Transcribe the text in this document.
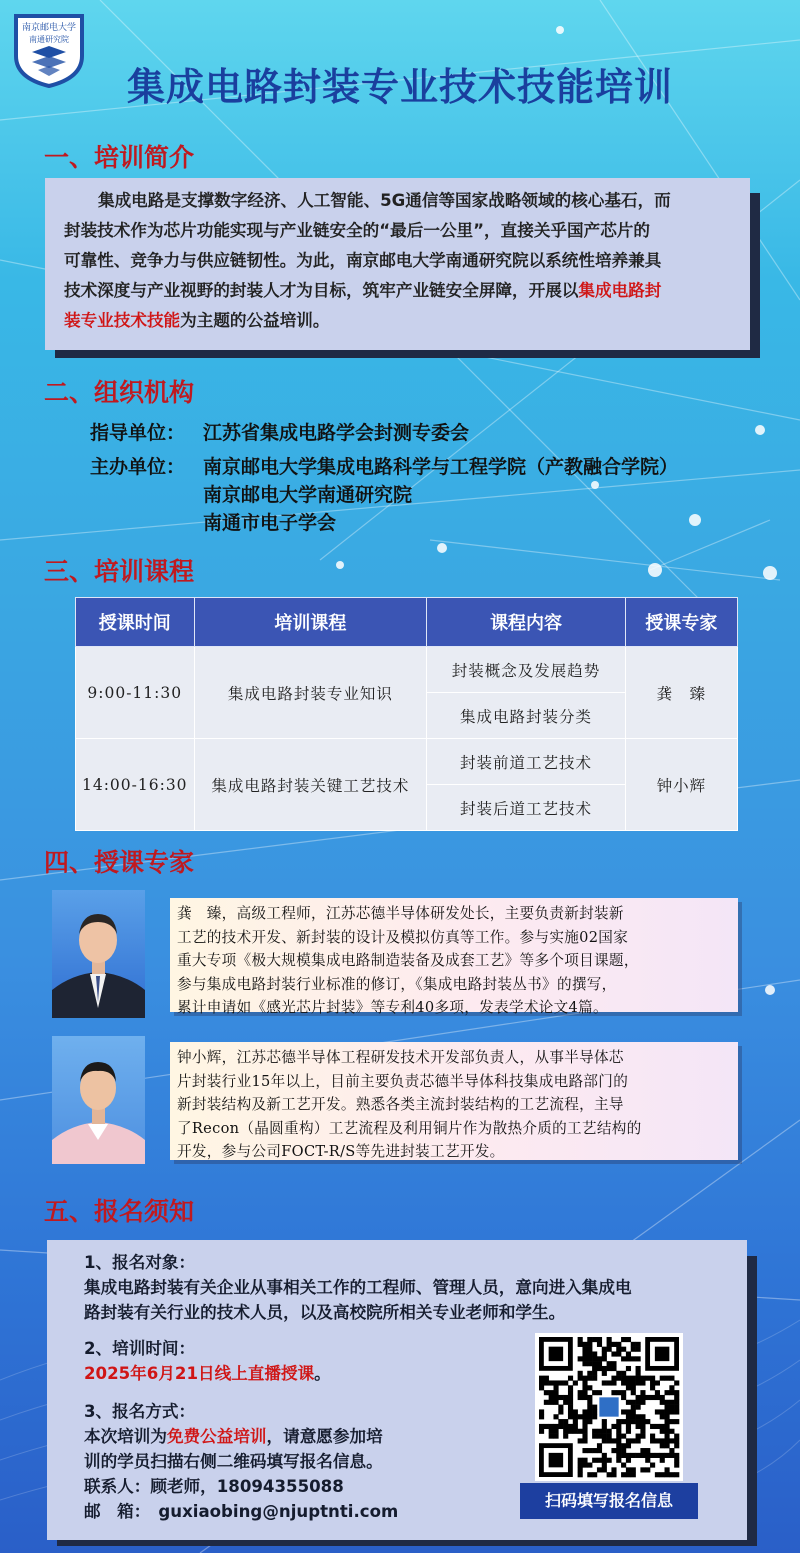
南京邮电大学
南通研究院
集成电路封装专业技术技能培训
一、培训简介
集成电路是支撑数字经济、人工智能、5G通信等国家战略领域的核心基石，而
封装技术作为芯片功能实现与产业链安全的“最后一公里”，直接关乎国产芯片的
可靠性、竞争力与供应链韧性。为此，南京邮电大学南通研究院以系统性培养兼具
技术深度与产业视野的封装人才为目标，筑牢产业链安全屏障，开展以集成电路封
装专业技术技能为主题的公益培训。
二、组织机构
指导单位： 江苏省集成电路学会封测专委会
主办单位： 南京邮电大学集成电路科学与工程学院（产教融合学院）
南京邮电大学南通研究院
南通市电子学会
三、培训课程
授课时间	培训课程	课程内容	授课专家
9:00-11:30	集成电路封装专业知识	封装概念及发展趋势	龚　臻
		集成电路封装分类	
14:00-16:30	集成电路封装关键工艺技术	封装前道工艺技术	钟小辉
		封装后道工艺技术	
四、授课专家
龚　臻，高级工程师，江苏芯德半导体研发处长，主要负责新封装新
工艺的技术开发、新封装的设计及模拟仿真等工作。参与实施02国家
重大专项《极大规模集成电路制造装备及成套工艺》等多个项目课题，
参与集成电路封装行业标准的修订，《集成电路封装丛书》的撰写，
累计申请如《感光芯片封装》等专利40多项，发表学术论文4篇。
钟小辉，江苏芯德半导体工程研发技术开发部负责人，从事半导体芯
片封装行业15年以上，目前主要负责芯德半导体科技集成电路部门的
新封装结构及新工艺开发。熟悉各类主流封装结构的工艺流程，主导
了Recon（晶圆重构）工艺流程及利用铜片作为散热介质的工艺结构的
开发，参与公司FOCT-R/S等先进封装工艺开发。
五、报名须知
1、报名对象：
集成电路封装有关企业从事相关工作的工程师、管理人员，意向进入集成电
路封装有关行业的技术人员，以及高校院所相关专业老师和学生。
2、培训时间：
2025年6月21日线上直播授课。
3、报名方式：
本次培训为免费公益培训，请意愿参加培
训的学员扫描右侧二维码填写报名信息。
联系人：顾老师，18094355088
邮　箱： guxiaobing@njuptnti.com
扫码填写报名信息
